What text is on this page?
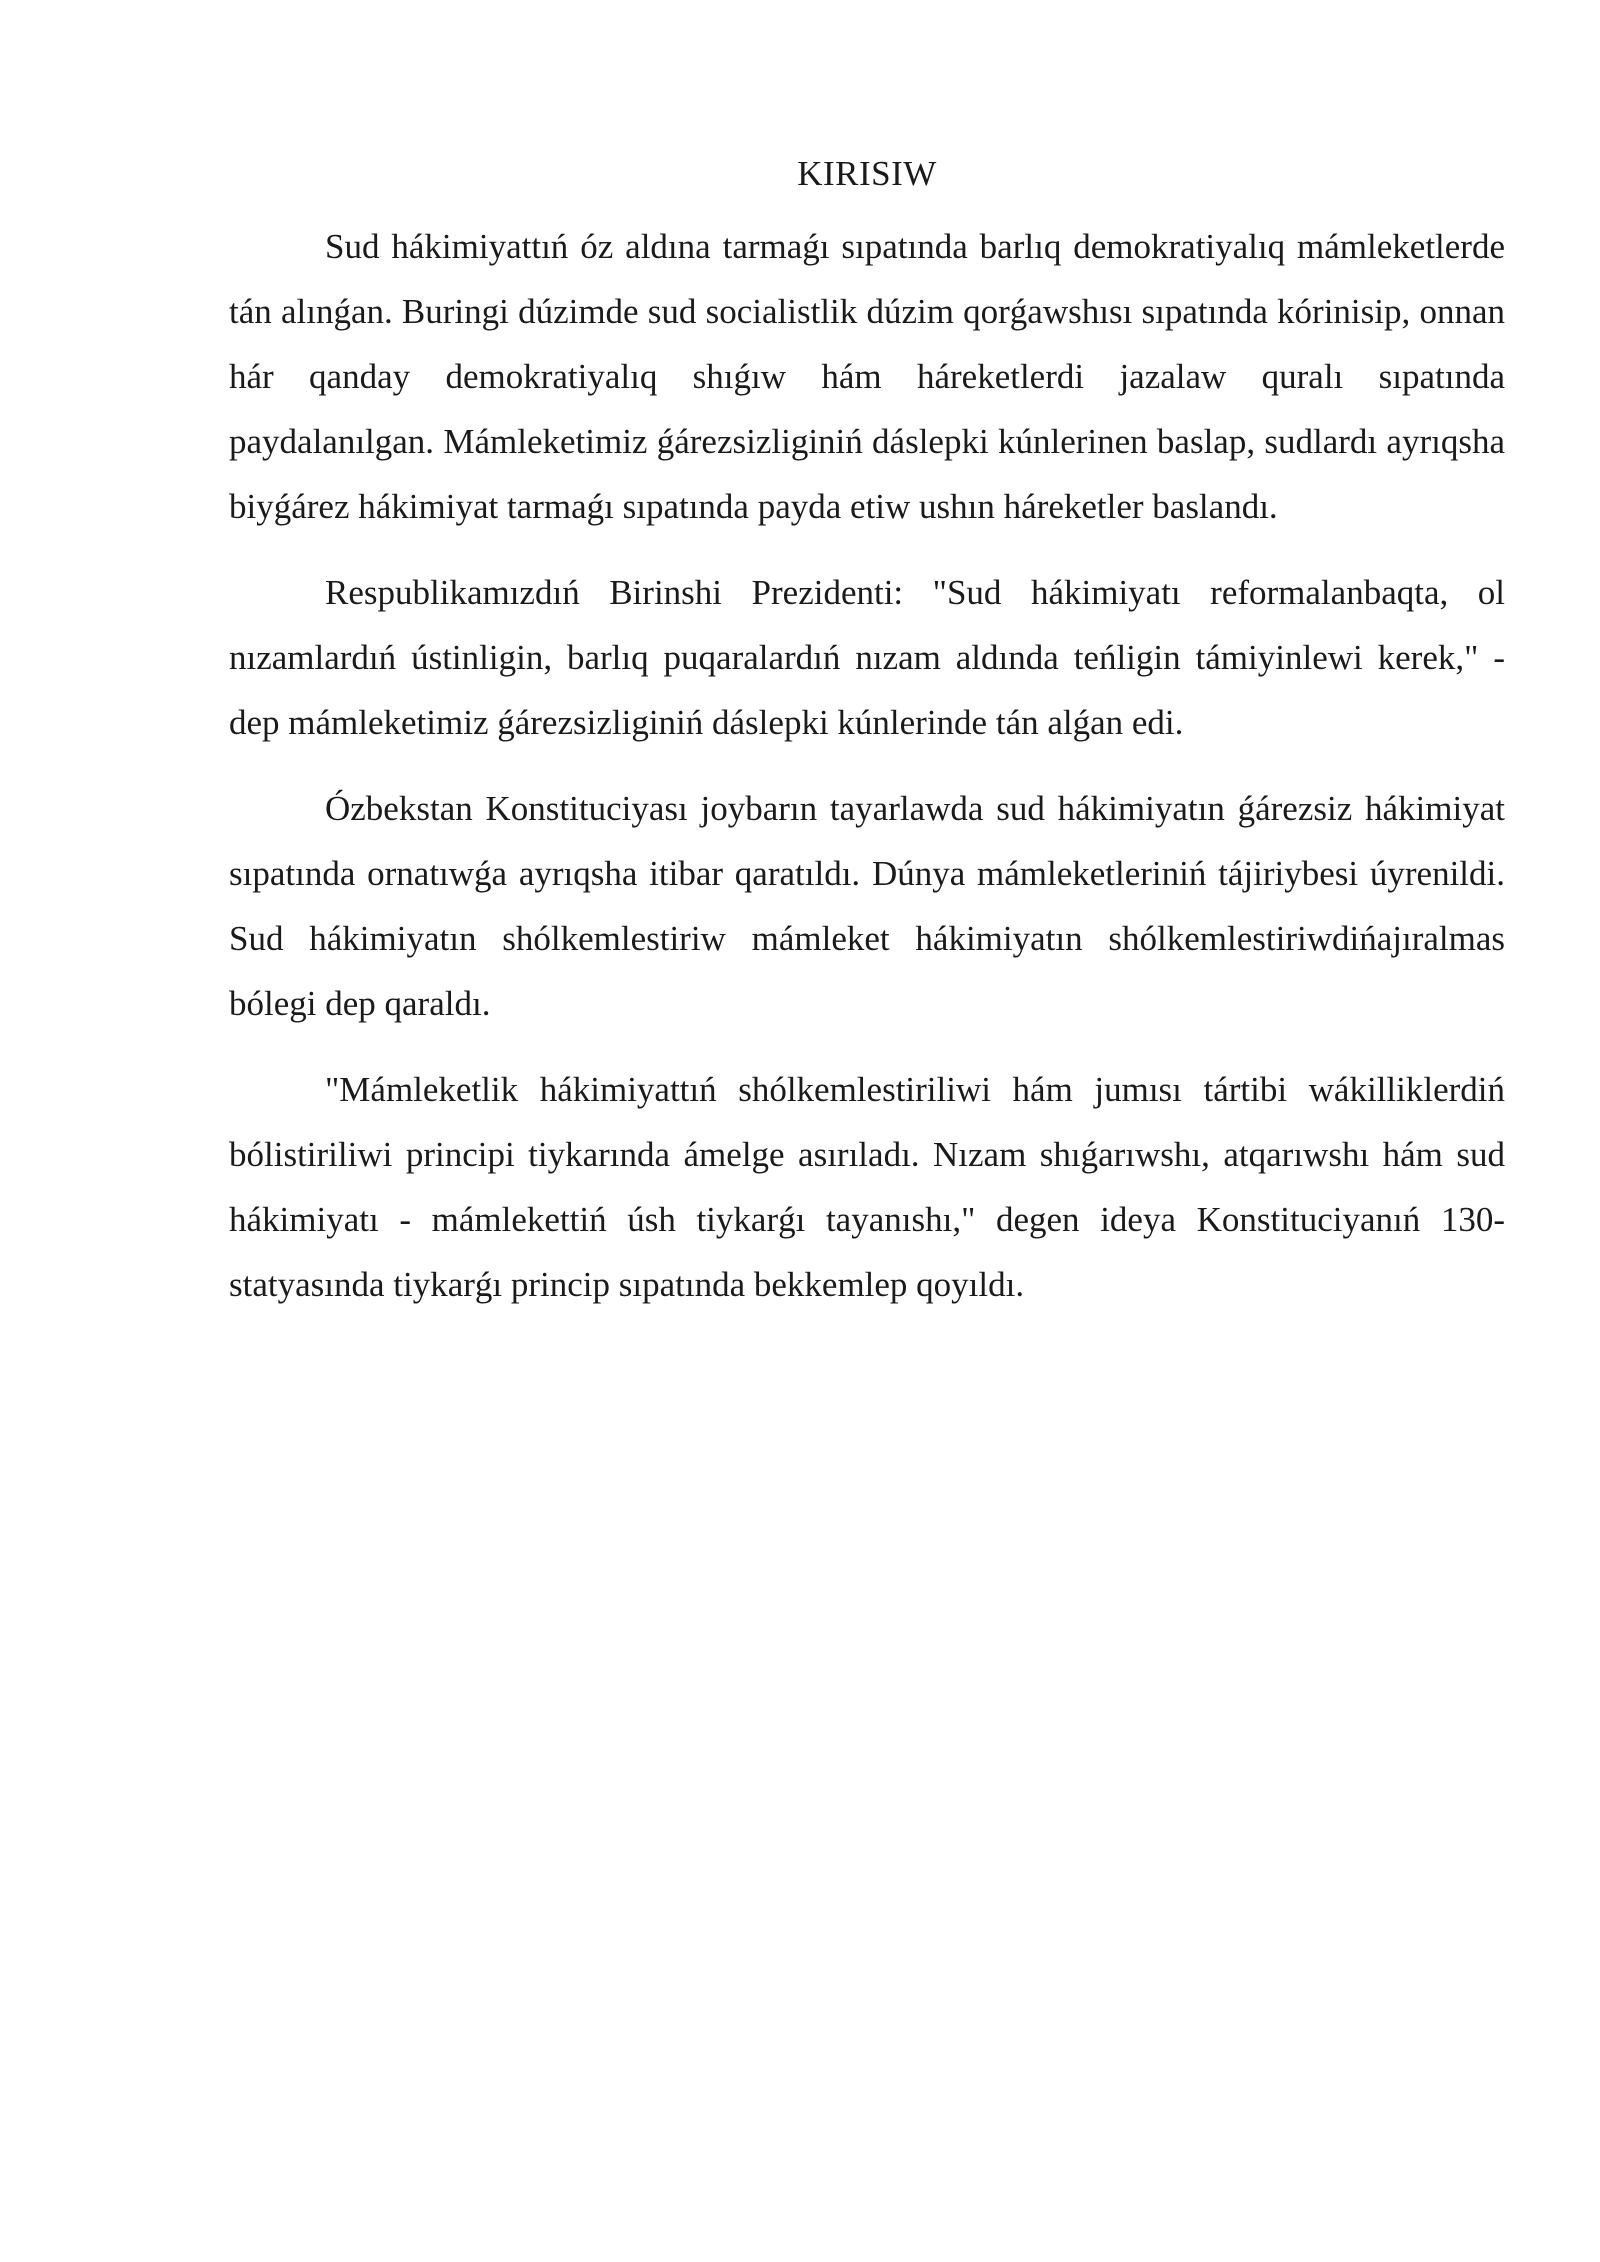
KIRISIW

Sud hákimiyattıń óz aldına tarmaǵı sıpatında barlıq demokratiyalıq mámleketlerde tán alınǵan. Buringi dúzimde sud socialistlik dúzim qorǵawshısı sıpatında kórinisip, onnan hár qanday demokratiyalıq shıǵıw hám háreketlerdi jazalaw quralı sıpatında paydalanılgan. Mámleketimiz ǵárezsizliginiń dáslepki kúnlerinen baslap, sudlardı ayrıqsha biyǵárez hákimiyat tarmaǵı sıpatında payda etiw ushın háreketler baslandı.

Respublikamızdıń Birinshi Prezidenti: "Sud hákimiyatı reformalanbaqta, ol nızamlardıń ústinligin, barlıq puqaralardıń nızam aldında teńligin támiyinlewi kerek," - dep mámleketimiz ǵárezsizliginiń dáslepki kúnlerinde tán alǵan edi.

Ózbekstan Konstituciyası joybarın tayarlawda sud hákimiyatın ǵárezsiz hákimiyat sıpatında ornatıwǵa ayrıqsha itibar qaratıldı. Dúnya mámleketleriniń tájiriybesi úyrenildi. Sud hákimiyatın shólkemlestiriw mámleket hákimiyatın shólkemlestiriwdińajıralmas bólegi dep qaraldı.

"Mámleketlik hákimiyattıń shólkemlestiriliwi hám jumısı tártibi wákilliklerdiń bólistiriliwi principi tiykarında ámelge asırıladı. Nızam shıǵarıwshı, atqarıwshı hám sud hákimiyatı - mámlekettiń úsh tiykarǵı tayanıshı," degen ideya Konstituciyanıń 130-statyasında tiykarǵı princip sıpatında bekkemlep qoyıldı.
